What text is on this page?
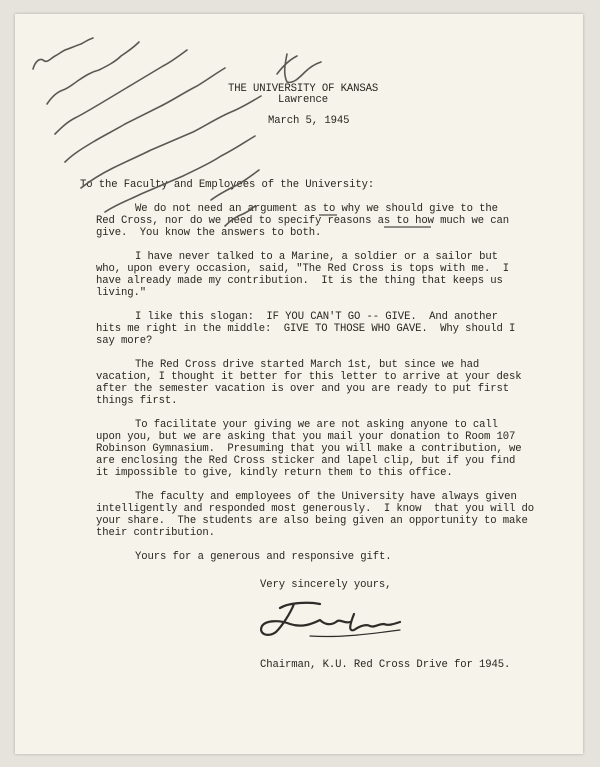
THE UNIVERSITY OF KANSAS
Lawrence
March 5, 1945
To the Faculty and Employees of the University:
We do not need an argument as to why we should give to the
Red Cross, nor do we need to specify reasons as to how much we can
give.  You know the answers to both.
I have never talked to a Marine, a soldier or a sailor but
who, upon every occasion, said, "The Red Cross is tops with me.  I
have already made my contribution.  It is the thing that keeps us
living."
I like this slogan:  IF YOU CAN'T GO -- GIVE.  And another
hits me right in the middle:  GIVE TO THOSE WHO GAVE.  Why should I
say more?
The Red Cross drive started March 1st, but since we had
vacation, I thought it better for this letter to arrive at your desk
after the semester vacation is over and you are ready to put first
things first.
To facilitate your giving we are not asking anyone to call
upon you, but we are asking that you mail your donation to Room 107
Robinson Gymnasium.  Presuming that you will make a contribution, we
are enclosing the Red Cross sticker and lapel clip, but if you find
it impossible to give, kindly return them to this office.
The faculty and employees of the University have always given
intelligently and responded most generously.  I know  that you will do
your share.  The students are also being given an opportunity to make
their contribution.
Yours for a generous and responsive gift.
Very sincerely yours,
Chairman, K.U. Red Cross Drive for 1945.
